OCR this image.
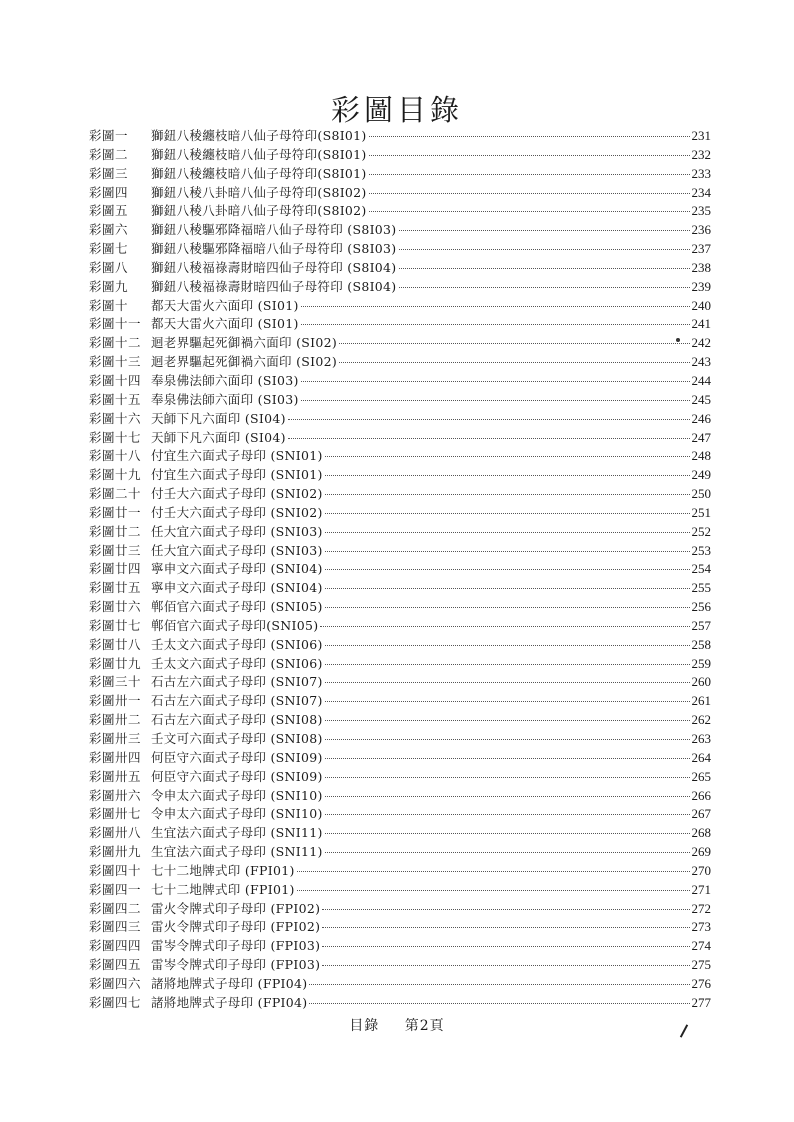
彩圖目錄
彩圖一	獅鈕八稜纏枝暗八仙子母符印(S8I01)	231
彩圖二	獅鈕八稜纏枝暗八仙子母符印(S8I01)	232
彩圖三	獅鈕八稜纏枝暗八仙子母符印(S8I01)	233
彩圖四	獅鈕八稜八卦暗八仙子母符印(S8I02)	234
彩圖五	獅鈕八稜八卦暗八仙子母符印(S8I02)	235
彩圖六	獅鈕八稜驅邪降福暗八仙子母符印 (S8I03)	236
彩圖七	獅鈕八稜驅邪降福暗八仙子母符印 (S8I03)	237
彩圖八	獅鈕八稜福祿壽財暗四仙子母符印 (S8I04)	238
彩圖九	獅鈕八稜福祿壽財暗四仙子母符印 (S8I04)	239
彩圖十	都天大雷火六面印 (SI01)	240
彩圖十一 都天大雷火六面印 (SI01)	241
彩圖十二 迴老界驅起死御禍六面印 (SI02)	242
彩圖十三 迴老界驅起死御禍六面印 (SI02)	243
彩圖十四 奉泉佛法師六面印 (SI03)	244
彩圖十五 奉泉佛法師六面印 (SI03)	245
彩圖十六 天師下凡六面印 (SI04)	246
彩圖十七 天師下凡六面印 (SI04)	247
彩圖十八 付宜生六面式子母印 (SNI01)	248
彩圖十九 付宜生六面式子母印 (SNI01)	249
彩圖二十 付壬大六面式子母印 (SNI02)	250
彩圖廿一 付壬大六面式子母印 (SNI02)	251
彩圖廿二 任大宜六面式子母印 (SNI03)	252
彩圖廿三 任大宜六面式子母印 (SNI03)	253
彩圖廿四 寧申文六面式子母印 (SNI04)	254
彩圖廿五 寧申文六面式子母印 (SNI04)	255
彩圖廿六 郸佰官六面式子母印 (SNI05)	256
彩圖廿七 郸佰官六面式子母印(SNI05)	257
彩圖廿八 壬太文六面式子母印 (SNI06)	258
彩圖廿九 壬太文六面式子母印 (SNI06)	259
彩圖三十 石古左六面式子母印 (SNI07)	260
彩圖卅一 石古左六面式子母印 (SNI07)	261
彩圖卅二 石古左六面式子母印 (SNI08)	262
彩圖卅三 壬文可六面式子母印 (SNI08)	263
彩圖卅四 何臣守六面式子母印 (SNI09)	264
彩圖卅五 何臣守六面式子母印 (SNI09)	265
彩圖卅六 令申太六面式子母印 (SNI10)	266
彩圖卅七 令申太六面式子母印 (SNI10)	267
彩圖卅八 生宜法六面式子母印 (SNI11)	268
彩圖卅九 生宜法六面式子母印 (SNI11)	269
彩圖四十 七十二地牌式印 (FPI01)	270
彩圖四一 七十二地牌式印 (FPI01)	271
彩圖四二 雷火令牌式印子母印 (FPI02)	272
彩圖四三 雷火令牌式印子母印 (FPI02)	273
彩圖四四 雷岑令牌式印子母印 (FPI03)	274
彩圖四五 雷岑令牌式印子母印 (FPI03)	275
彩圖四六 諸將地牌式子母印 (FPI04)	276
彩圖四七 諸將地牌式子母印 (FPI04)	277
目錄 第2頁
